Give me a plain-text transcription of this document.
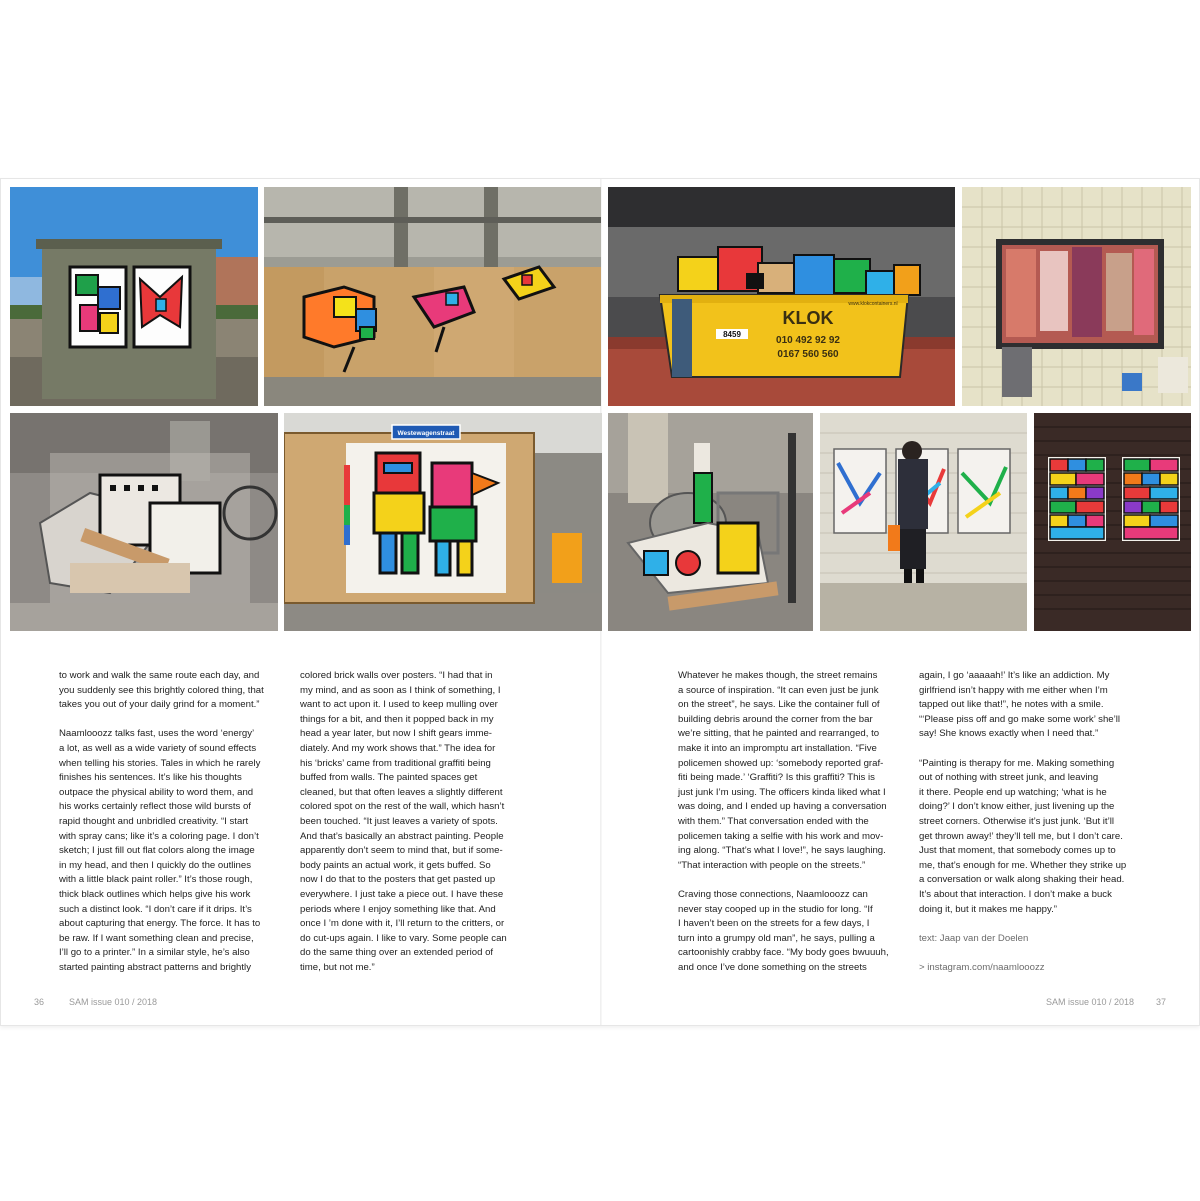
8459
KLOK
010 492 92 92
0167 560 560
www.klokcontainers.nl
Westewagenstraat

to work and walk the same route each day, and
you suddenly see this brightly colored thing, that
takes you out of your daily grind for a moment.”

Naamlooozz talks fast, uses the word ‘energy’
a lot, as well as a wide variety of sound effects
when telling his stories. Tales in which he rarely
finishes his sentences. It’s like his thoughts
outpace the physical ability to word them, and
his works certainly reflect those wild bursts of
rapid thought and unbridled creativity. “I start
with spray cans; like it’s a coloring page. I don’t
sketch; I just fill out flat colors along the image
in my head, and then I quickly do the outlines
with a little black paint roller.” It’s those rough,
thick black outlines which helps give his work
such a distinct look. “I don’t care if it drips. It’s
about capturing that energy. The force. It has to
be raw. If I want something clean and precise,
I’ll go to a printer.” In a similar style, he’s also
started painting abstract patterns and brightly

colored brick walls over posters. “I had that in
my mind, and as soon as I think of something, I
want to act upon it. I used to keep mulling over
things for a bit, and then it popped back in my
head a year later, but now I shift gears imme-
diately. And my work shows that.” The idea for
his ‘bricks’ came from traditional graffiti being
buffed from walls. The painted spaces get
cleaned, but that often leaves a slightly different
colored spot on the rest of the wall, which hasn’t
been touched. “It just leaves a variety of spots.
And that’s basically an abstract painting. People
apparently don’t seem to mind that, but if some-
body paints an actual work, it gets buffed. So
now I do that to the posters that get pasted up
everywhere. I just take a piece out. I have these
periods where I enjoy something like that. And
once I ’m done with it, I’ll return to the critters, or
do cut-ups again. I like to vary. Some people can
do the same thing over an extended period of
time, but not me.”

Whatever he makes though, the street remains
a source of inspiration. “It can even just be junk
on the street”, he says. Like the container full of
building debris around the corner from the bar
we’re sitting, that he painted and rearranged, to
make it into an impromptu art installation. “Five
policemen showed up: ‘somebody reported graf-
fiti being made.’ ‘Graffiti? Is this graffiti? This is
just junk I’m using. The officers kinda liked what I
was doing, and I ended up having a conversation
with them.” That conversation ended with the
policemen taking a selfie with his work and mov-
ing along. “That’s what I love!”, he says laughing.
“That interaction with people on the streets.”

Craving those connections, Naamlooozz can
never stay cooped up in the studio for long. “If
I haven’t been on the streets for a few days, I
turn into a grumpy old man”, he says, pulling a
cartoonishly crabby face. “My body goes bwuuuh,
and once I’ve done something on the streets

again, I go ‘aaaaah!’ It’s like an addiction. My
girlfriend isn’t happy with me either when I’m
tapped out like that!”, he notes with a smile.
“‘Please piss off and go make some work’ she’ll
say! She knows exactly when I need that.”

“Painting is therapy for me. Making something
out of nothing with street junk, and leaving
it there. People end up watching; ‘what is he
doing?’ I don’t know either, just livening up the
street corners. Otherwise it’s just junk. ‘But it’ll
get thrown away!’ they’ll tell me, but I don’t care.
Just that moment, that somebody comes up to
me, that’s enough for me. Whether they strike up
a conversation or walk along shaking their head.
It’s about that interaction. I don’t make a buck
doing it, but it makes me happy.”

text: Jaap van der Doelen

> instagram.com/naamlooozz

36	SAM issue 010 / 2018	SAM issue 010 / 2018 37
